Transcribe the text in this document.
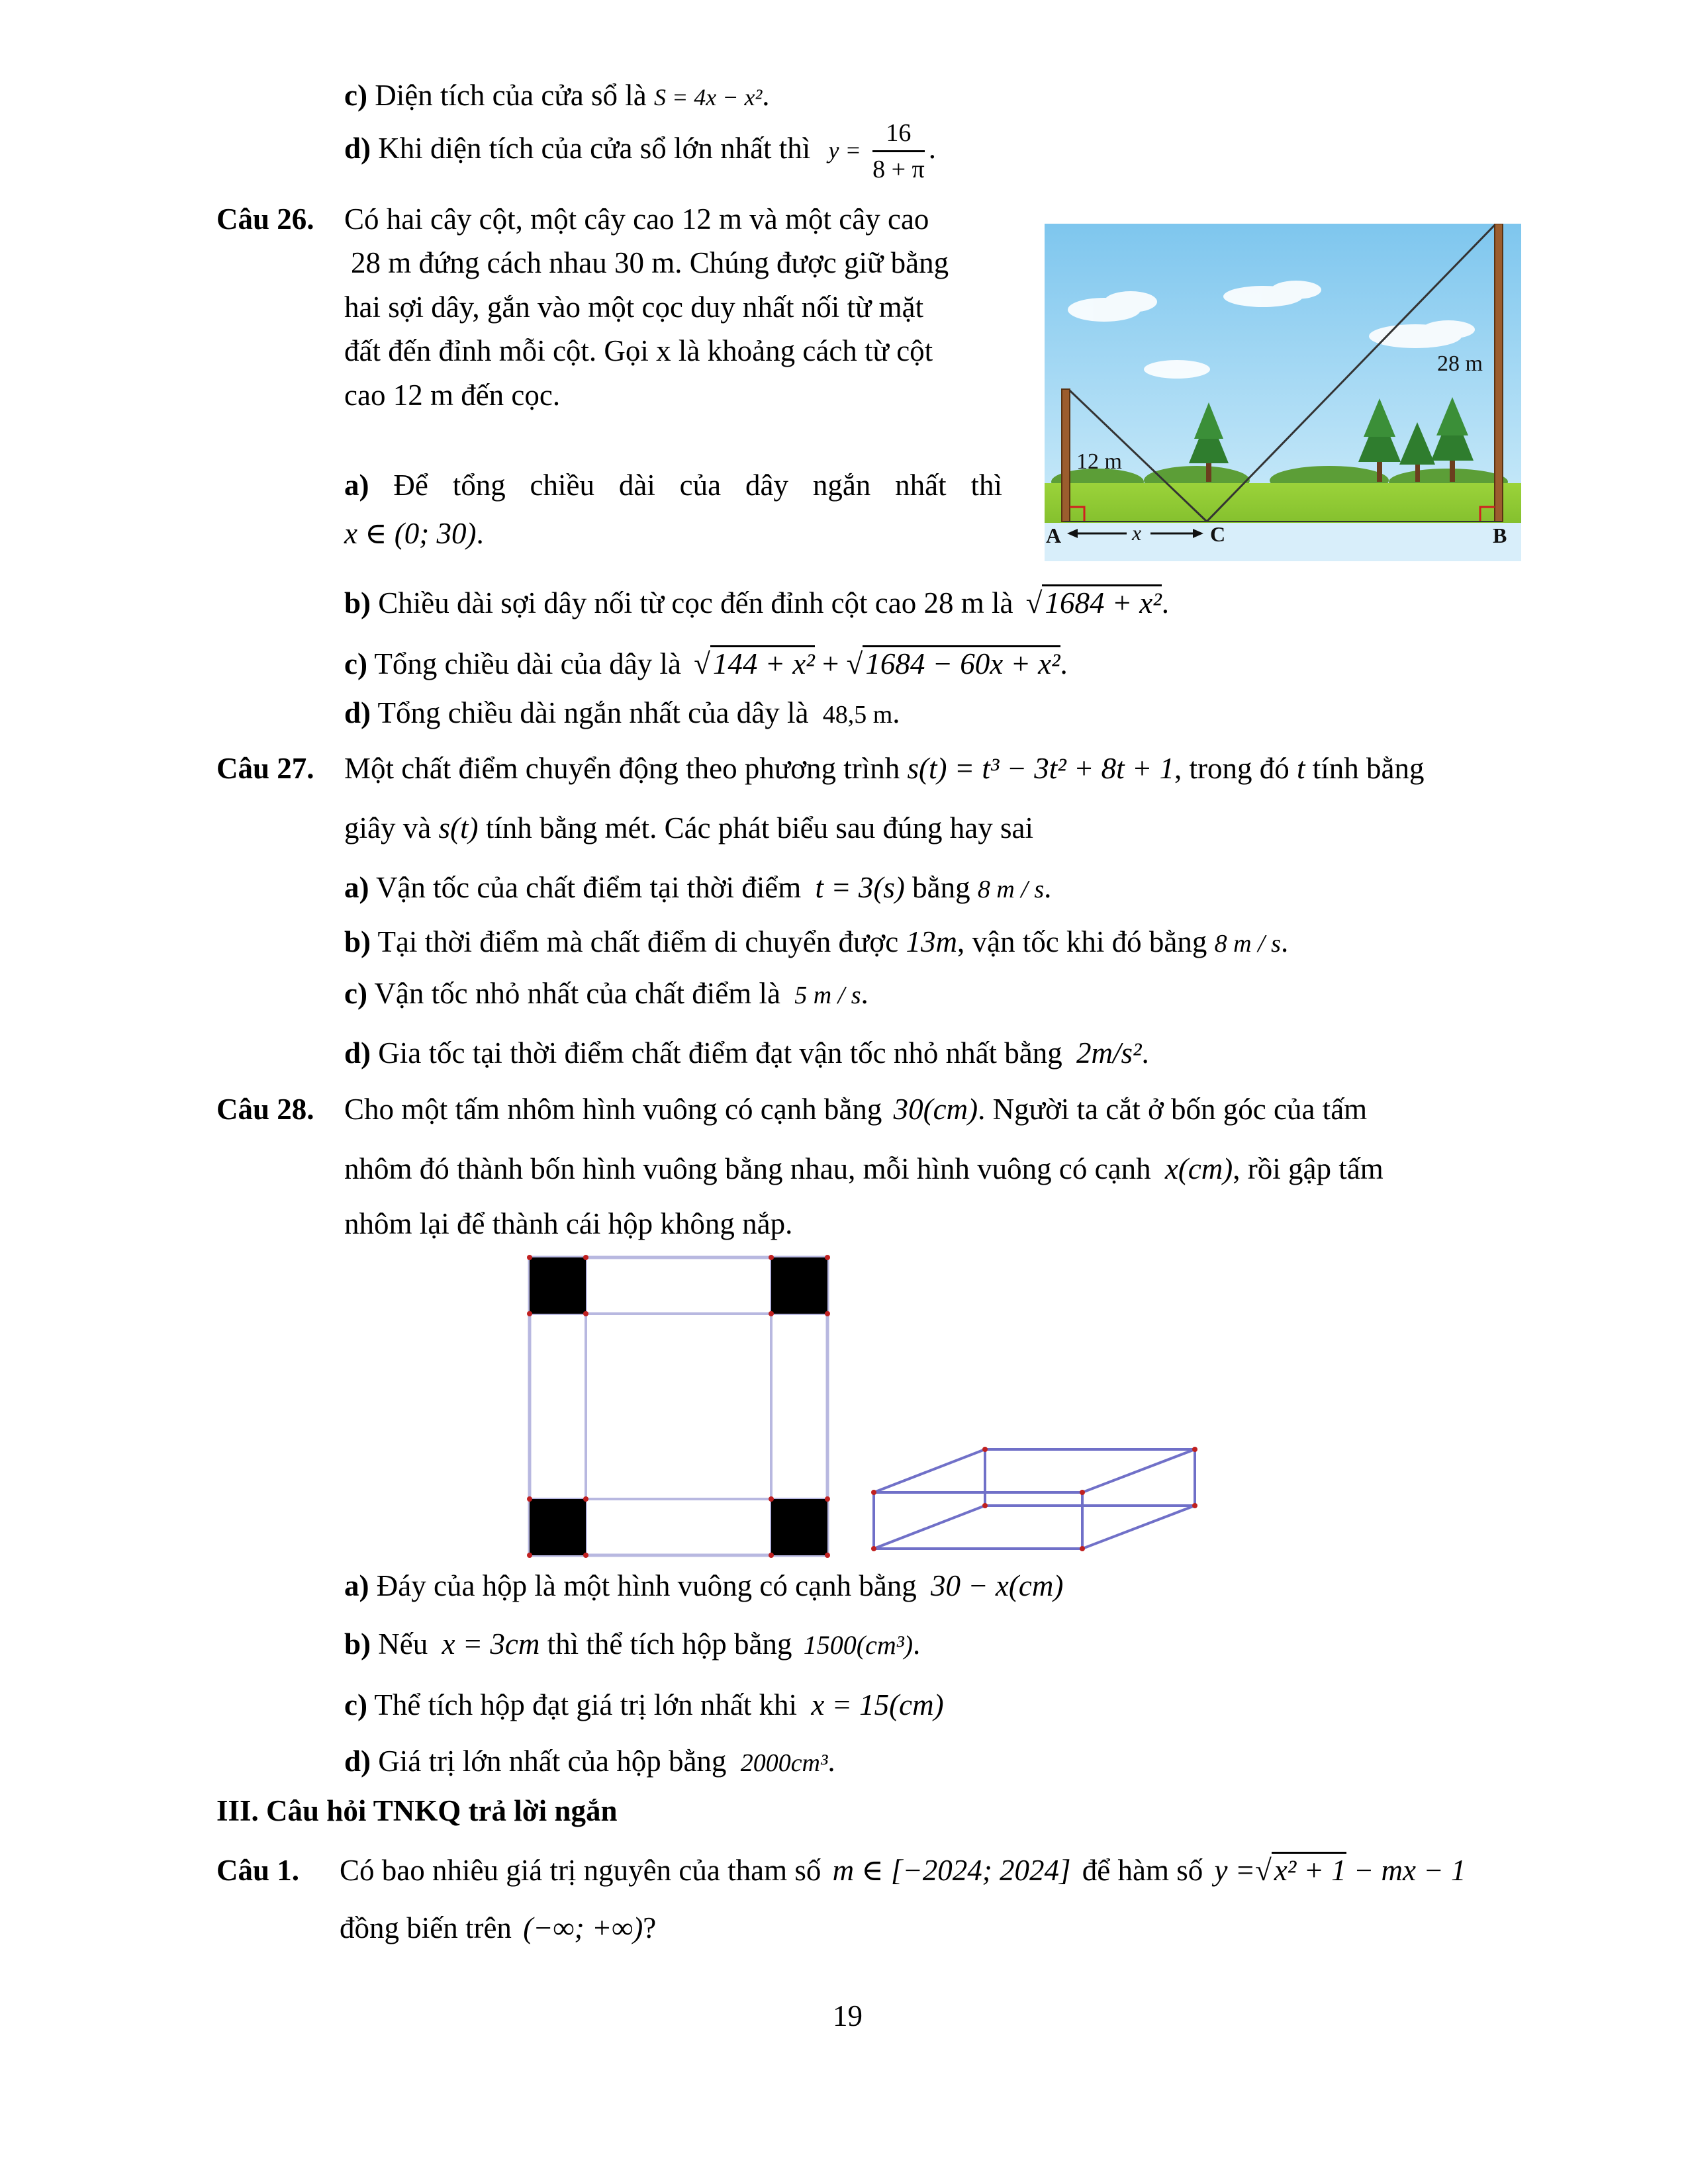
c) Diện tích của cửa sổ là S = 4x − x².
d) Khi diện tích của cửa sổ lớn nhất thì $y = \frac{16}{8 + \pi}$ .
Câu 26. Có hai cây cột, một cây cao 12 m và một cây cao
28 m đứng cách nhau 30 m. Chúng được giữ bằng
hai sợi dây, gắn vào một cọc duy nhất nối từ mặt
đất đến đỉnh mỗi cột. Gọi x là khoảng cách từ cột
cao 12 m đến cọc.
a) Để tổng chiều dài của dây ngắn nhất thì
x ∈ (0; 30).
28 m
12 m
A	B
C
x
b) Chiều dài sợi dây nối từ cọc đến đỉnh cột cao 28 m là √1684 + x².
c) Tổng chiều dài của dây là √144 + x² + √1684 − 60x + x².
d) Tổng chiều dài ngắn nhất của dây là 48,5 m.
Câu 27. Một chất điểm chuyển động theo phương trình s(t) = t³ − 3t² + 8t + 1, trong đó t tính bằng
giây và s(t) tính bằng mét. Các phát biểu sau đúng hay sai
a) Vận tốc của chất điểm tại thời điểm t = 3(s) bằng 8 m / s.
b) Tại thời điểm mà chất điểm di chuyển được 13m, vận tốc khi đó bằng 8 m / s.
c) Vận tốc nhỏ nhất của chất điểm là 5 m / s.
d) Gia tốc tại thời điểm chất điểm đạt vận tốc nhỏ nhất bằng 2m/s².
Câu 28. Cho một tấm nhôm hình vuông có cạnh bằng 30(cm). Người ta cắt ở bốn góc của tấm
nhôm đó thành bốn hình vuông bằng nhau, mỗi hình vuông có cạnh x(cm), rồi gập tấm
nhôm lại để thành cái hộp không nắp.
a) Đáy của hộp là một hình vuông có cạnh bằng 30 − x(cm)
b) Nếu x = 3cm thì thể tích hộp bằng 1500(cm³).
c) Thể tích hộp đạt giá trị lớn nhất khi x = 15(cm)
d) Giá trị lớn nhất của hộp bằng 2000cm³.
III. Câu hỏi TNKQ trả lời ngắn
Câu 1. Có bao nhiêu giá trị nguyên của tham số m ∈ [−2024; 2024] để hàm số y =√x² + 1 − mx − 1
đồng biến trên (−∞; +∞)?
19
